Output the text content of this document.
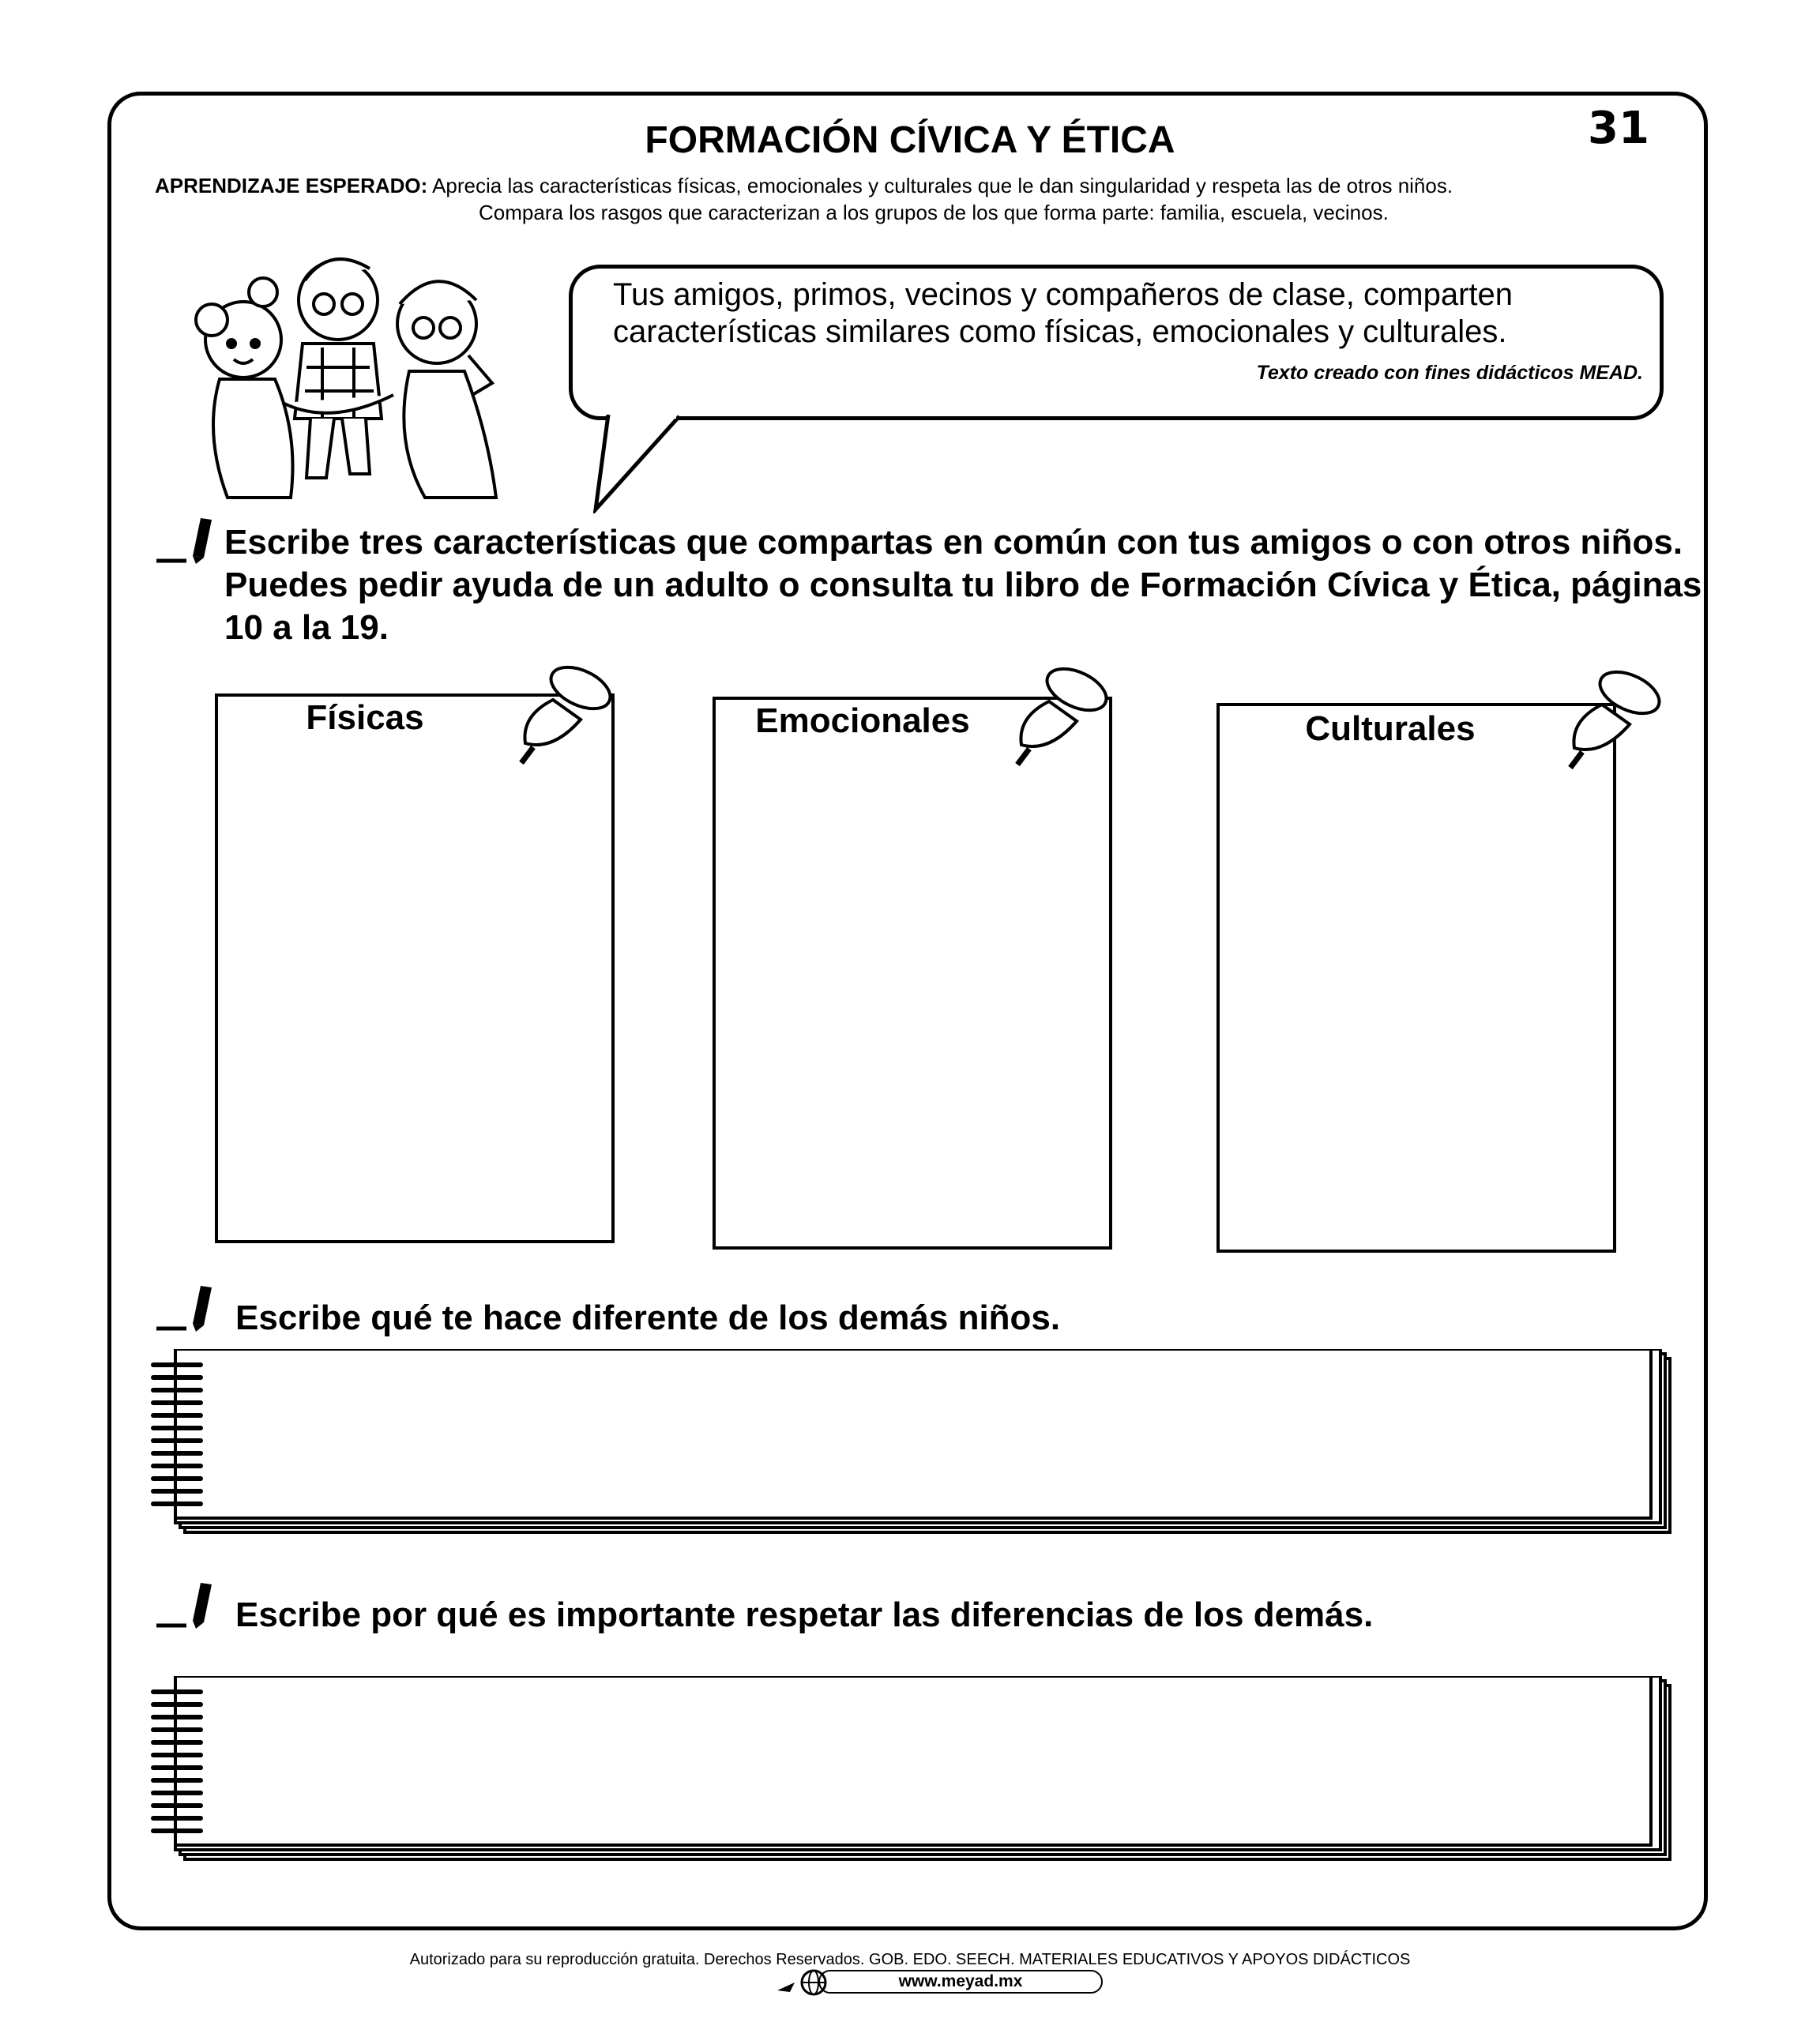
31
FORMACIÓN CÍVICA Y ÉTICA
APRENDIZAJE ESPERADO: Aprecia las características físicas, emocionales y culturales que le dan singularidad y respeta las de otros niños.
Compara los rasgos que caracterizan a los grupos de los que forma parte: familia, escuela, vecinos.
Tus amigos, primos, vecinos y compañeros de clase, comparten características similares como físicas, emocionales y culturales.
Texto creado con fines didácticos MEAD.
Escribe tres características que compartas en común con tus amigos o con otros niños. Puedes pedir ayuda de un adulto o consulta tu libro de Formación Cívica y Ética, páginas 10 a la 19.
Físicas	Emocionales	Culturales
Escribe qué te hace diferente de los demás niños.
Escribe por qué es importante respetar las diferencias de los demás.
Autorizado para su reproducción gratuita. Derechos Reservados. GOB. EDO. SEECH. MATERIALES EDUCATIVOS Y APOYOS DIDÁCTICOS
www.meyad.mx
